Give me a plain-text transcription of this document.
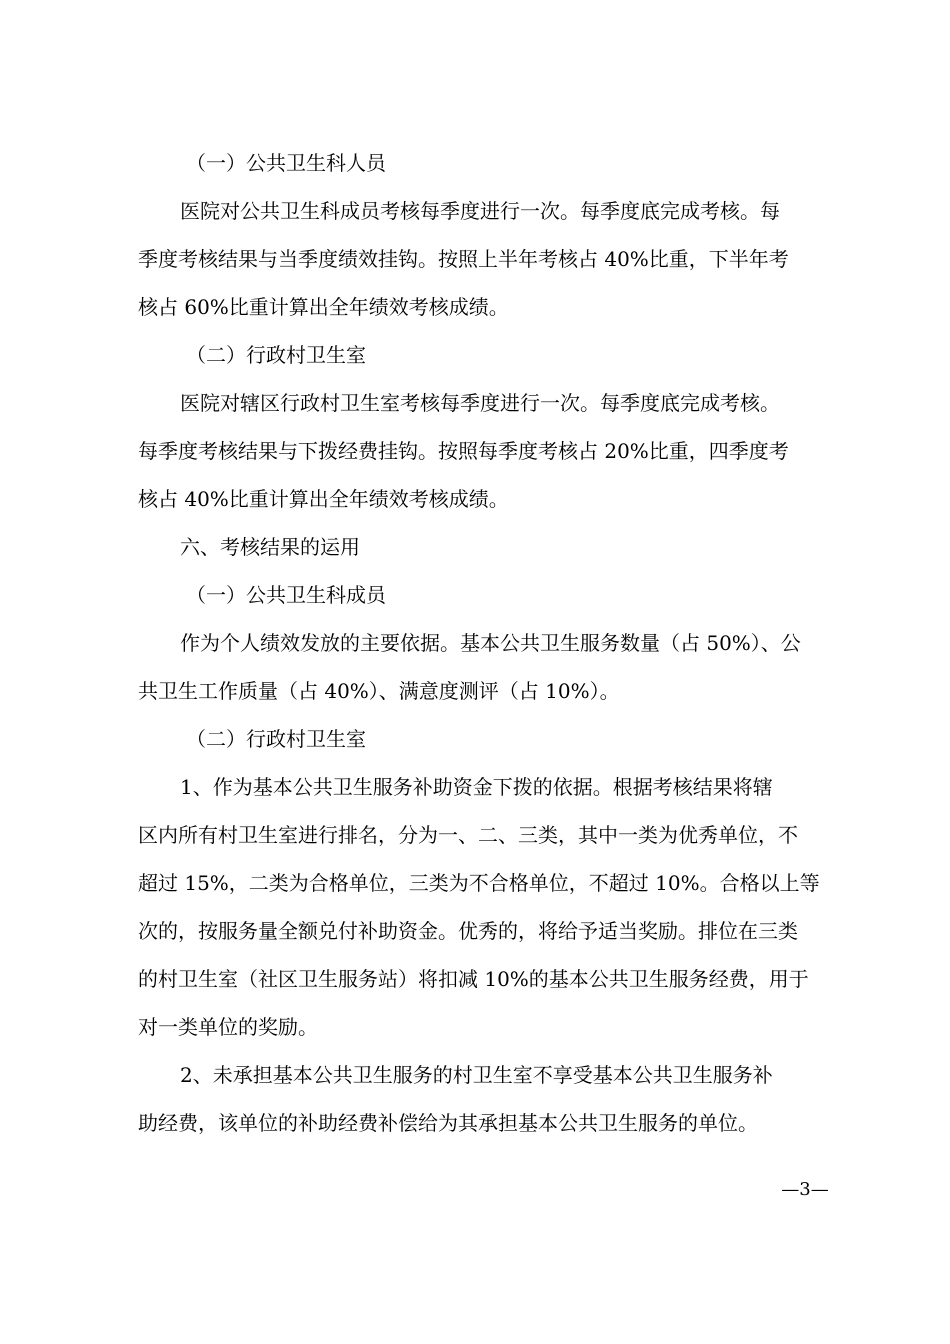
（一）公共卫生科人员
医院对公共卫生科成员考核每季度进行一次。每季度底完成考核。每
季度考核结果与当季度绩效挂钩。按照上半年考核占 40%比重，下半年考
核占 60%比重计算出全年绩效考核成绩。
（二）行政村卫生室
医院对辖区行政村卫生室考核每季度进行一次。每季度底完成考核。
每季度考核结果与下拨经费挂钩。按照每季度考核占 20%比重，四季度考
核占 40%比重计算出全年绩效考核成绩。
六、考核结果的运用
（一）公共卫生科成员
作为个人绩效发放的主要依据。基本公共卫生服务数量（占 50%）、公
共卫生工作质量（占 40%）、满意度测评（占 10%）。
（二）行政村卫生室
1、作为基本公共卫生服务补助资金下拨的依据。根据考核结果将辖
区内所有村卫生室进行排名，分为一、二、三类，其中一类为优秀单位，不
超过 15%，二类为合格单位，三类为不合格单位，不超过 10%。合格以上等
次的，按服务量全额兑付补助资金。优秀的，将给予适当奖励。排位在三类
的村卫生室（社区卫生服务站）将扣减 10%的基本公共卫生服务经费，用于
对一类单位的奖励。
2、未承担基本公共卫生服务的村卫生室不享受基本公共卫生服务补
助经费，该单位的补助经费补偿给为其承担基本公共卫生服务的单位。
—3—
